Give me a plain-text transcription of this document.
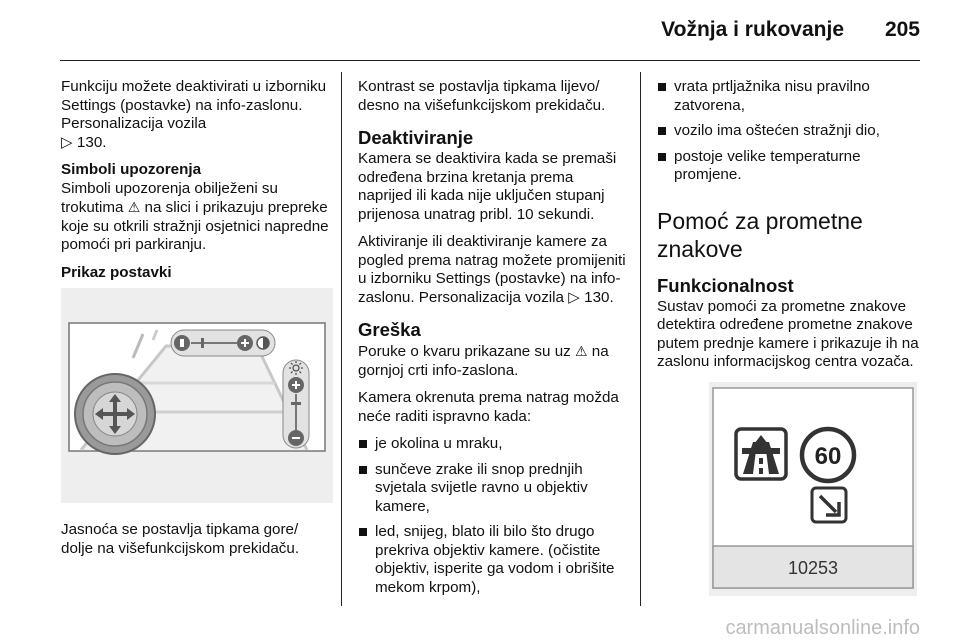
Vožnja i rukovanje 205

Funkciju možete deaktivirati u izborniku Settings (postavke) na info-zaslonu. Personalizacija vozila
▷ 130.

Simboli upozorenja

Simboli upozorenja obilježeni su trokutima ⚠ na slici i prikazuju prepreke koje su otkrili stražnji osjetnici napredne pomoći pri parkiranju.

Prikaz postavki

Jasnoća se postavlja tipkama gore/ dolje na višefunkcijskom prekidaču.

Kontrast se postavlja tipkama lijevo/ desno na višefunkcijskom prekidaču.

Deaktiviranje

Kamera se deaktivira kada se premaši određena brzina kretanja prema naprijed ili kada nije uključen stupanj prijenosa unatrag pribl. 10 sekundi.

Aktiviranje ili deaktiviranje kamere za pogled prema natrag možete promijeniti u izborniku Settings (postavke) na info-zaslonu. Personalizacija vozila ▷ 130.

Greška

Poruke o kvaru prikazane su uz ⚠ na gornjoj crti info-zaslona.

Kamera okrenuta prema natrag možda neće raditi ispravno kada:

je okolina u mraku,
sunčeve zrake ili snop prednjih svjetala svijetle ravno u objektiv kamere,
led, snijeg, blato ili bilo što drugo prekriva objektiv kamere. (očistite objektiv, isperite ga vodom i obrišite mekom krpom),
vrata prtljažnika nisu pravilno zatvorena,
vozilo ima oštećen stražnji dio,
postoje velike temperaturne promjene.
Pomoć za prometne znakove
Funkcionalnost

Sustav pomoći za prometne znakove detektira određene prometne znakove putem prednje kamere i prikazuje ih na zaslonu informacijskog centra vozača.

10253
60
carmanualsonline.info
